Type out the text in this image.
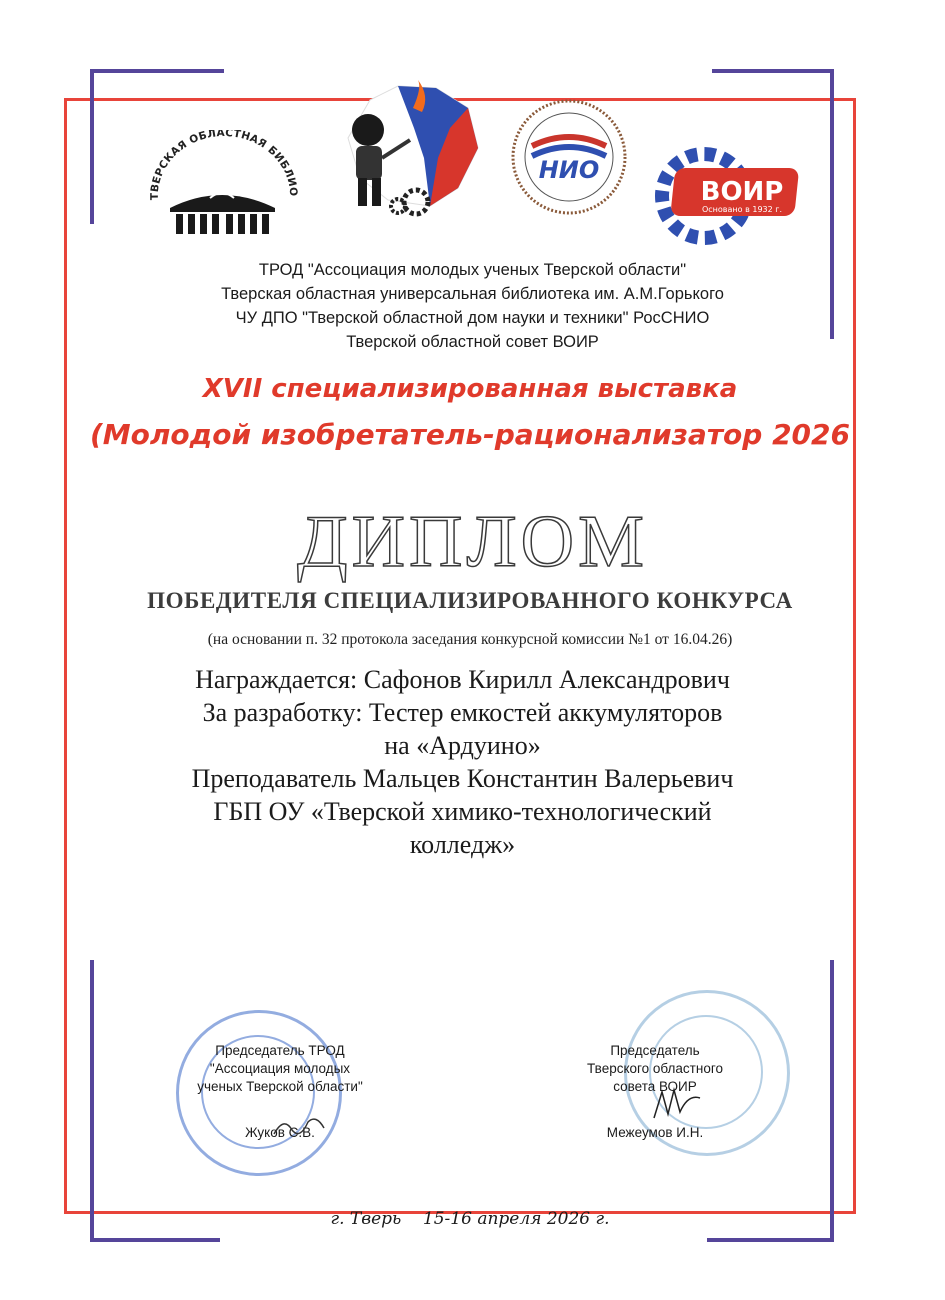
ТВЕРСКАЯ ОБЛАСТНАЯ БИБЛИО
НИО
ВОИР
Основано в 1932 г.
ТРОД "Ассоциация молодых ученых Тверской области"
Тверская областная универсальная библиотека им. А.М.Горького
ЧУ ДПО "Тверской областной дом науки и техники" РосСНИО
Тверской областной совет ВОИР
XVII специализированная выставка
(Молодой изобретатель-рационализатор 2026
ДИПЛОМ
ПОБЕДИТЕЛЯ СПЕЦИАЛИЗИРОВАННОГО КОНКУРСА
(на основании п. 32 протокола заседания конкурсной комиссии №1 от 16.04.26)
Награждается: Сафонов Кирилл Александрович
За разработку: Тестер емкостей аккумуляторов
на «Ардуино»
Преподаватель Мальцев Константин Валерьевич
ГБП ОУ «Тверской химико-технологический
колледж»
Председатель ТРОД
"Ассоциация молодых
ученых Тверской области"
Жуков С.В.
Председатель
Тверского областного
совета ВОИР
Межеумов И.Н.
г. Тверь    15-16 апреля 2026 г.
